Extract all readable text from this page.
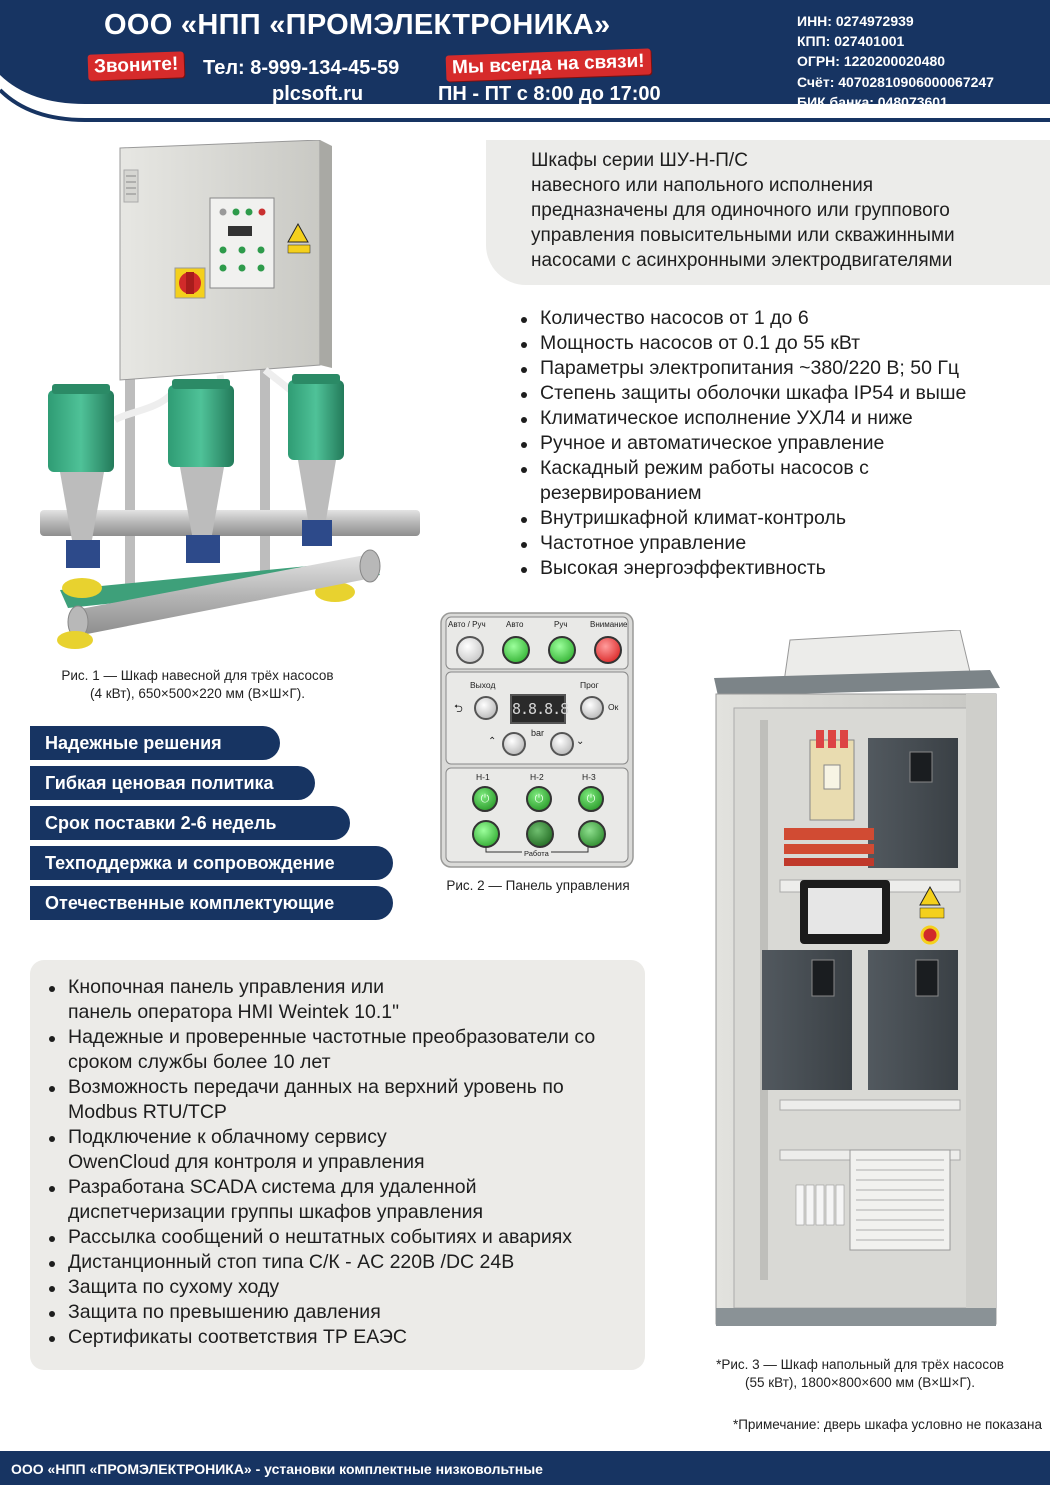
ООО «НПП «ПРОМЭЛЕКТРОНИКА»
Звоните!	Тел: 8-999-134-45-59	Мы всегда на связи!
plcsoft.ru	ПН - ПТ с 8:00 до 17:00
ИНН: 0274972939
КПП: 027401001
ОГРН: 1220200020480
Счёт: 40702810906000067247
БИК банка: 048073601
Шкафы серии ШУ-Н-П/С
навесного или напольного исполнения
предназначены для одиночного или группового
управления повысительными или скважинными
насосами с асинхронными электродвигателями
Количество насосов от 1 до 6
Мощность насосов от 0.1 до 55 кВт
Параметры электропитания ~380/220 В; 50 Гц
Степень защиты оболочки шкафа IP54 и выше
Климатическое исполнение УХЛ4 и ниже
Ручное и автоматическое управление
Каскадный режим работы насосов с резервированием
Внутришкафной климат-контроль
Частотное управление
Высокая энергоэффективность
Рис. 1 — Шкаф навесной для трёх насосов
(4 кВт), 650×500×220 мм (В×Ш×Г).
Авто / Руч	Авто	Руч	Внимание
Выход	Прог
⮌	8.8.8.8	Ок
⌃
bar
⌄
Н-1	Н-2	Н-3
⏻	⏻	⏻
Работа
Рис. 2 — Панель управления
Надежные решения
Гибкая ценовая политика
Срок поставки 2-6 недель
Техподдержка и сопровождение
Отечественные комплектующие
Кнопочная панель управления или панель оператора HMI Weintek 10.1"
Надежные и проверенные частотные преобразователи со сроком службы более 10 лет
Возможность передачи данных на верхний уровень по Modbus RTU/TCP
Подключение к облачному сервису OwenCloud для контроля и управления
Разработана SCADA система для удаленной диспетчеризации группы шкафов управления
Рассылка сообщений о нештатных событиях и авариях
Дистанционный стоп типа С/К - AC 220В /DC 24В
Защита по сухому ходу
Защита по превышению давления
Сертификаты соответствия ТР ЕАЭС
*Рис. 3 — Шкаф напольный для трёх насосов
(55 кВт), 1800×800×600 мм (В×Ш×Г).
*Примечание: дверь шкафа условно не показана
ООО «НПП «ПРОМЭЛЕКТРОНИКА» - установки комплектные низковольтные
